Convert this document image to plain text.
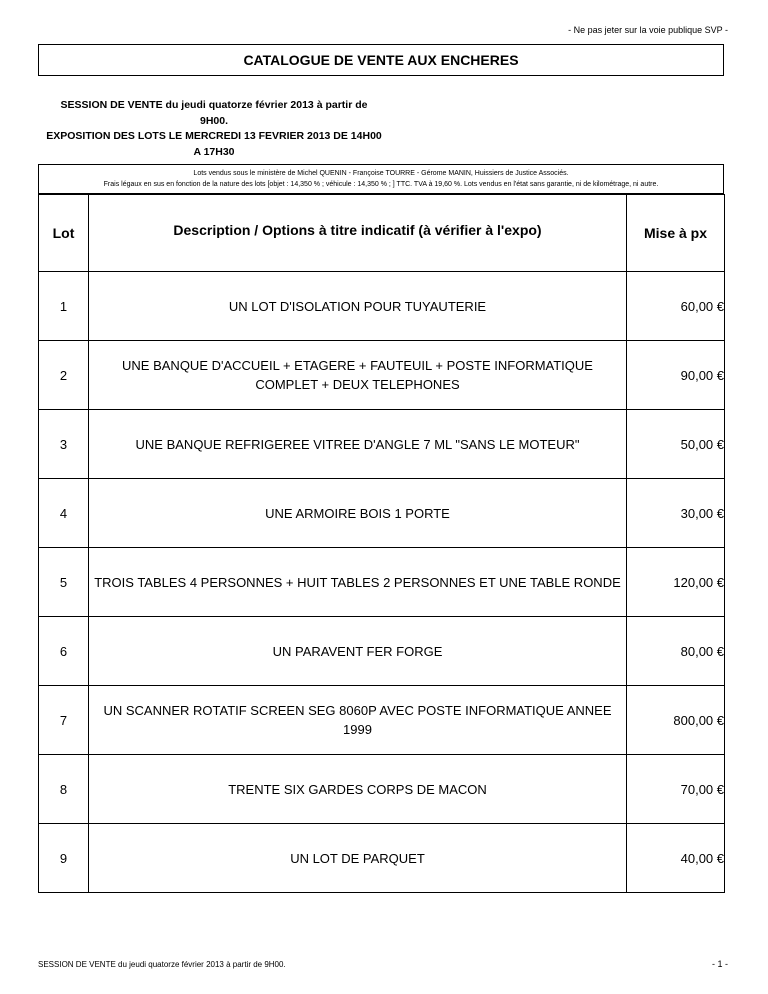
- Ne pas jeter sur la voie publique SVP -
CATALOGUE DE VENTE AUX ENCHERES
SESSION DE VENTE du jeudi quatorze février 2013 à partir de
9H00.
EXPOSITION DES LOTS LE MERCREDI 13 FEVRIER 2013 DE 14H00
A 17H30
Lots vendus sous le ministère de Michel QUENIN - Françoise TOURRE - Gérome MANIN, Huissiers de Justice Associés.
Frais légaux en sus en fonction de la nature des lots [objet : 14,350 % ; véhicule : 14,350 % ; ] TTC. TVA à 19,60 %. Lots vendus en l'état sans garantie, ni de kilométrage, ni autre.
Lot	Description / Options à titre indicatif (à vérifier à l'expo)	Mise à px
1	UN LOT D'ISOLATION POUR TUYAUTERIE	60,00 €
2	UNE BANQUE D'ACCUEIL + ETAGERE + FAUTEUIL + POSTE INFORMATIQUE COMPLET + DEUX TELEPHONES	90,00 €
3	UNE BANQUE REFRIGEREE VITREE D'ANGLE 7 ML "SANS LE MOTEUR"	50,00 €
4	UNE ARMOIRE BOIS 1 PORTE	30,00 €
5	TROIS TABLES 4 PERSONNES + HUIT TABLES 2 PERSONNES ET UNE TABLE RONDE	120,00 €
6	UN PARAVENT FER FORGE	80,00 €
7	UN SCANNER ROTATIF SCREEN SEG 8060P AVEC POSTE INFORMATIQUE ANNEE 1999	800,00 €
8	TRENTE SIX GARDES CORPS DE MACON	70,00 €
9	UN LOT DE PARQUET	40,00 €
SESSION DE VENTE du jeudi quatorze février 2013 à partir de 9H00.	- 1 -
